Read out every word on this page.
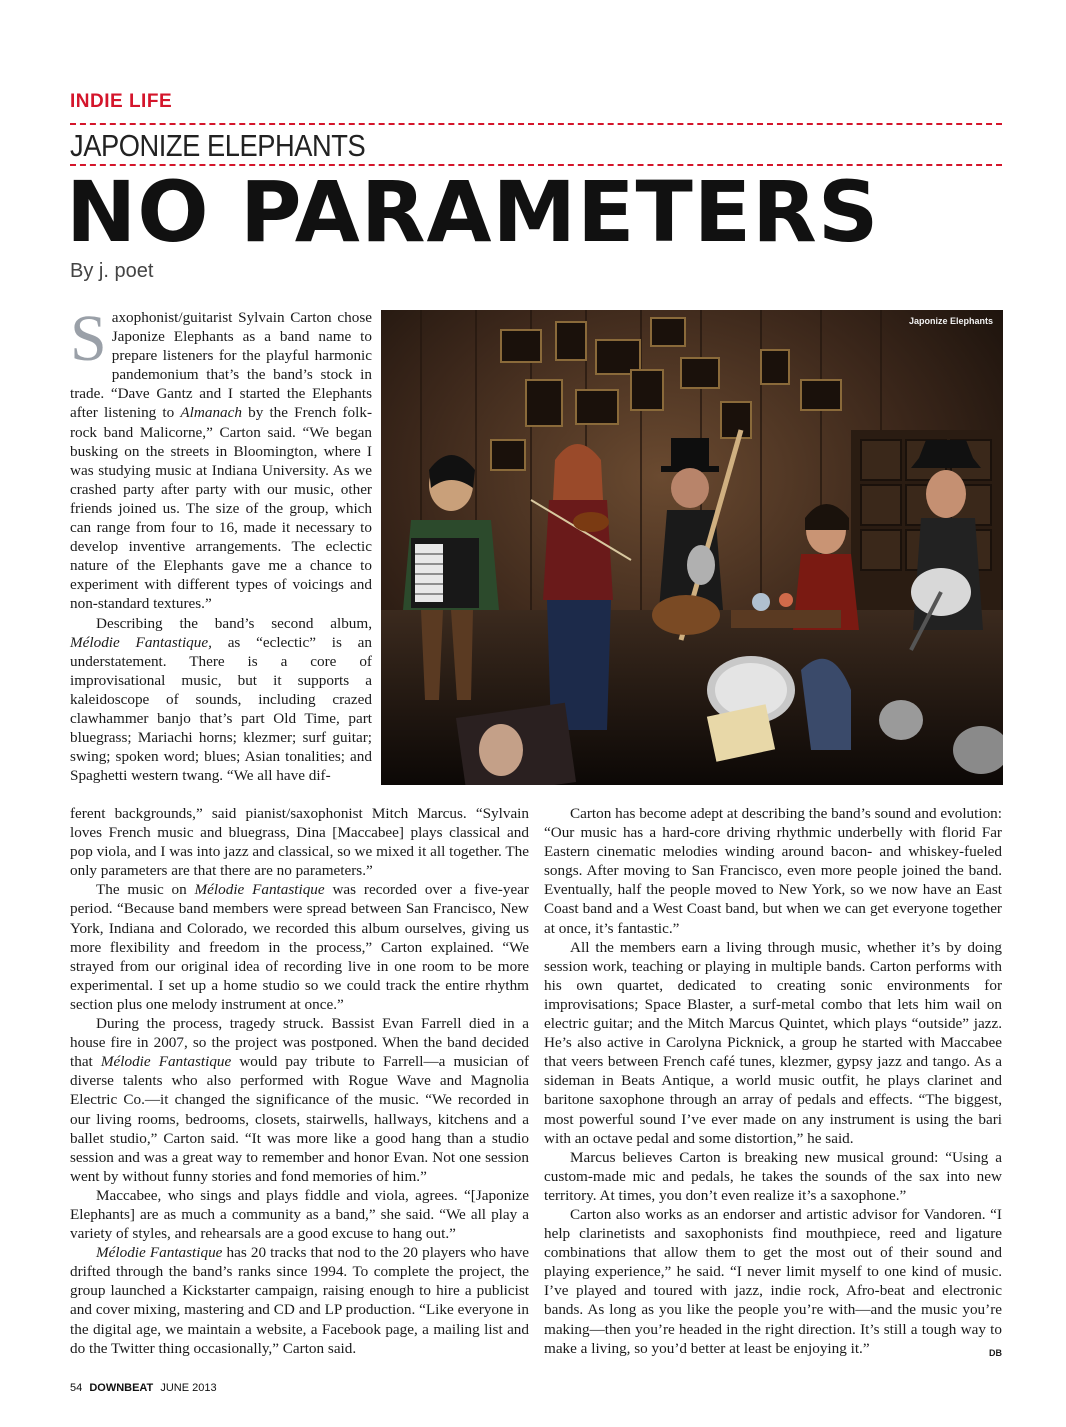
INDIE LIFE
JAPONIZE ELEPHANTS
NO PARAMETERS
By j. poet
Japonize Elephants

Saxophonist/guitarist Sylvain Carton chose Japonize Elephants as a band name to prepare listeners for the playful harmonic pandemonium that’s the band’s stock in trade. “Dave Gantz and I started the Elephants after listening to Almanach by the French folk-rock band Malicorne,” Carton said. “We began busking on the streets in Bloomington, where I was studying music at Indiana University. As we crashed party after party with our music, other friends joined us. The size of the group, which can range from four to 16, made it necessary to develop inventive arrangements. The eclectic nature of the Elephants gave me a chance to experiment with different types of voicings and non-standard textures.”

Describing the band’s second album, Mélodie Fantastique, as “eclectic” is an understatement. There is a core of improvisational music, but it supports a kaleidoscope of sounds, including crazed clawhammer banjo that’s part Old Time, part bluegrass; Mariachi horns; klezmer; surf guitar; swing; spoken word; blues; Asian tonalities; and Spaghetti western twang. “We all have dif-

ferent backgrounds,” said pianist/saxophonist Mitch Marcus. “Sylvain loves French music and bluegrass, Dina [Maccabee] plays classical and pop viola, and I was into jazz and classical, so we mixed it all together. The only parameters are that there are no parameters.”

The music on Mélodie Fantastique was recorded over a five-year period. “Because band members were spread between San Francisco, New York, Indiana and Colorado, we recorded this album ourselves, giving us more flexibility and freedom in the process,” Carton explained. “We strayed from our original idea of recording live in one room to be more experimental. I set up a home studio so we could track the entire rhythm section plus one melody instrument at once.”

During the process, tragedy struck. Bassist Evan Farrell died in a house fire in 2007, so the project was postponed. When the band decided that Mélodie Fantastique would pay tribute to Farrell—a musician of diverse talents who also performed with Rogue Wave and Magnolia Electric Co.—it changed the significance of the music. “We recorded in our living rooms, bedrooms, closets, stairwells, hallways, kitchens and a ballet studio,” Carton said. “It was more like a good hang than a studio session and was a great way to remember and honor Evan. Not one session went by without funny stories and fond memories of him.”

Maccabee, who sings and plays fiddle and viola, agrees. “[Japonize Elephants] are as much a community as a band,” she said. “We all play a variety of styles, and rehearsals are a good excuse to hang out.”

Mélodie Fantastique has 20 tracks that nod to the 20 players who have drifted through the band’s ranks since 1994. To complete the project, the group launched a Kickstarter campaign, raising enough to hire a publicist and cover mixing, mastering and CD and LP production. “Like everyone in the digital age, we maintain a website, a Facebook page, a mailing list and do the Twitter thing occasionally,” Carton said.

Carton has become adept at describing the band’s sound and evolution: “Our music has a hard-core driving rhythmic underbelly with florid Far Eastern cinematic melodies winding around bacon- and whiskey-fueled songs. After moving to San Francisco, even more people joined the band. Eventually, half the people moved to New York, so we now have an East Coast band and a West Coast band, but when we can get everyone together at once, it’s fantastic.”

All the members earn a living through music, whether it’s by doing session work, teaching or playing in multiple bands. Carton performs with his own quartet, dedicated to creating sonic environments for improvisations; Space Blaster, a surf-metal combo that lets him wail on electric guitar; and the Mitch Marcus Quintet, which plays “outside” jazz. He’s also active in Carolyna Picknick, a group he started with Maccabee that veers between French café tunes, klezmer, gypsy jazz and tango. As a sideman in Beats Antique, a world music outfit, he plays clarinet and baritone saxophone through an array of pedals and effects. “The biggest, most powerful sound I’ve ever made on any instrument is using the bari with an octave pedal and some distortion,” he said.

Marcus believes Carton is breaking new musical ground: “Using a custom-made mic and pedals, he takes the sounds of the sax into new territory. At times, you don’t even realize it’s a saxophone.”

Carton also works as an endorser and artistic advisor for Vandoren. “I help clarinetists and saxophonists find mouthpiece, reed and ligature combinations that allow them to get the most out of their sound and playing experience,” he said. “I never limit myself to one kind of music. I’ve played and toured with jazz, indie rock, Afro-beat and electronic bands. As long as you like the people you’re with—and the music you’re making—then you’re headed in the right direction. It’s still a tough way to make a living, so you’d better at least be enjoying it.”	DB

54 DOWNBEAT JUNE 2013
